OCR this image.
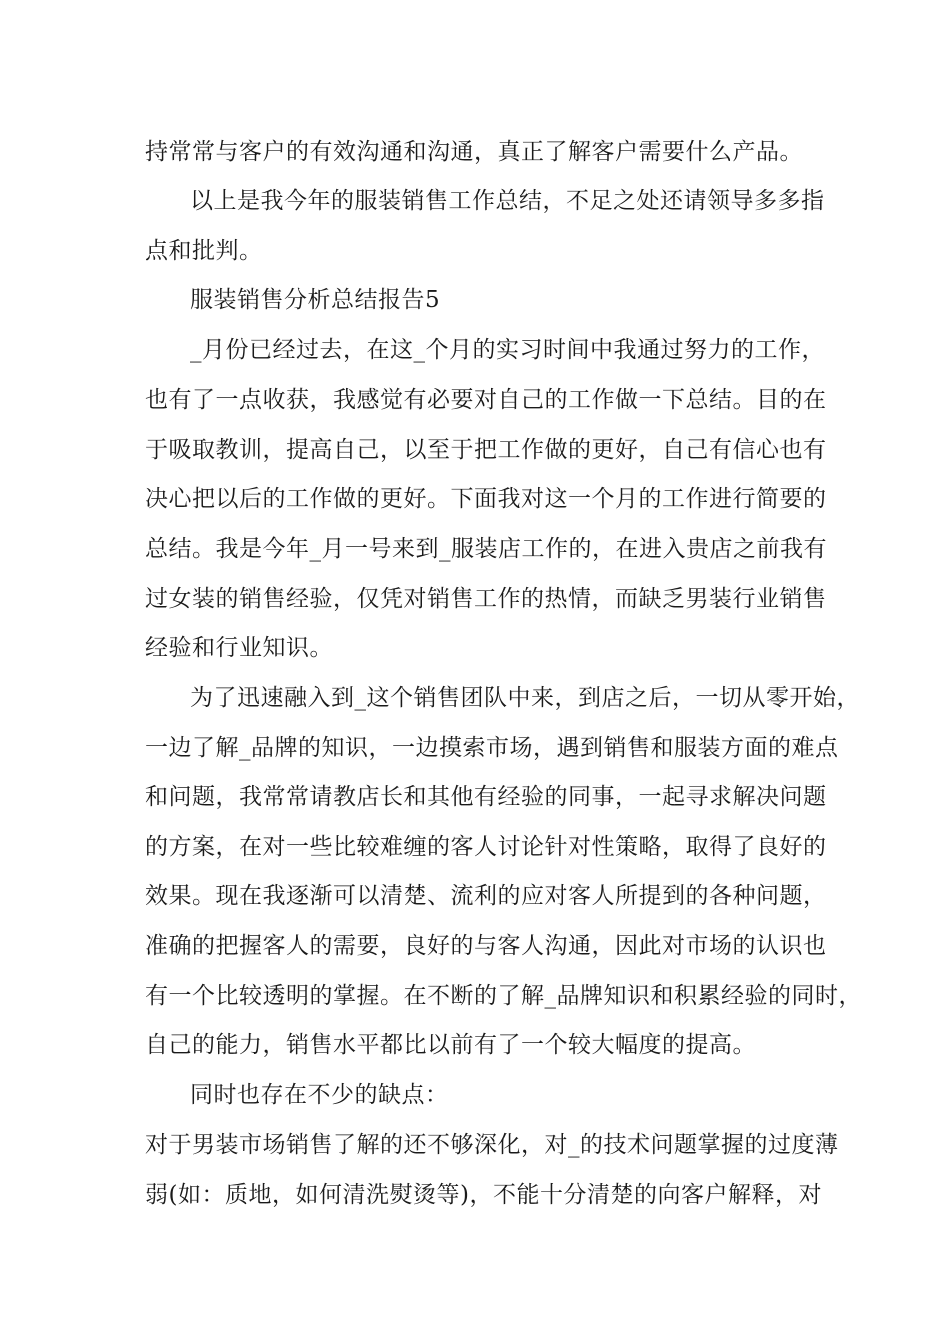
持常常与客户的有效沟通和沟通，真正了解客户需要什么产品。
以上是我今年的服装销售工作总结，不足之处还请领导多多指
点和批判。
服装销售分析总结报告5
_月份已经过去，在这_个月的实习时间中我通过努力的工作，
也有了一点收获，我感觉有必要对自己的工作做一下总结。目的在
于吸取教训，提高自己，以至于把工作做的更好，自己有信心也有
决心把以后的工作做的更好。下面我对这一个月的工作进行简要的
总结。我是今年_月一号来到_服装店工作的，在进入贵店之前我有
过女装的销售经验，仅凭对销售工作的热情，而缺乏男装行业销售
经验和行业知识。
为了迅速融入到_这个销售团队中来，到店之后，一切从零开始，
一边了解_品牌的知识，一边摸索市场，遇到销售和服装方面的难点
和问题，我常常请教店长和其他有经验的同事，一起寻求解决问题
的方案，在对一些比较难缠的客人讨论针对性策略，取得了良好的
效果。现在我逐渐可以清楚、流利的应对客人所提到的各种问题，
准确的把握客人的需要，良好的与客人沟通，因此对市场的认识也
有一个比较透明的掌握。在不断的了解_品牌知识和积累经验的同时，
自己的能力，销售水平都比以前有了一个较大幅度的提高。
同时也存在不少的缺点：
对于男装市场销售了解的还不够深化，对_的技术问题掌握的过度薄
弱(如：质地，如何清洗熨烫等)，不能十分清楚的向客户解释，对
